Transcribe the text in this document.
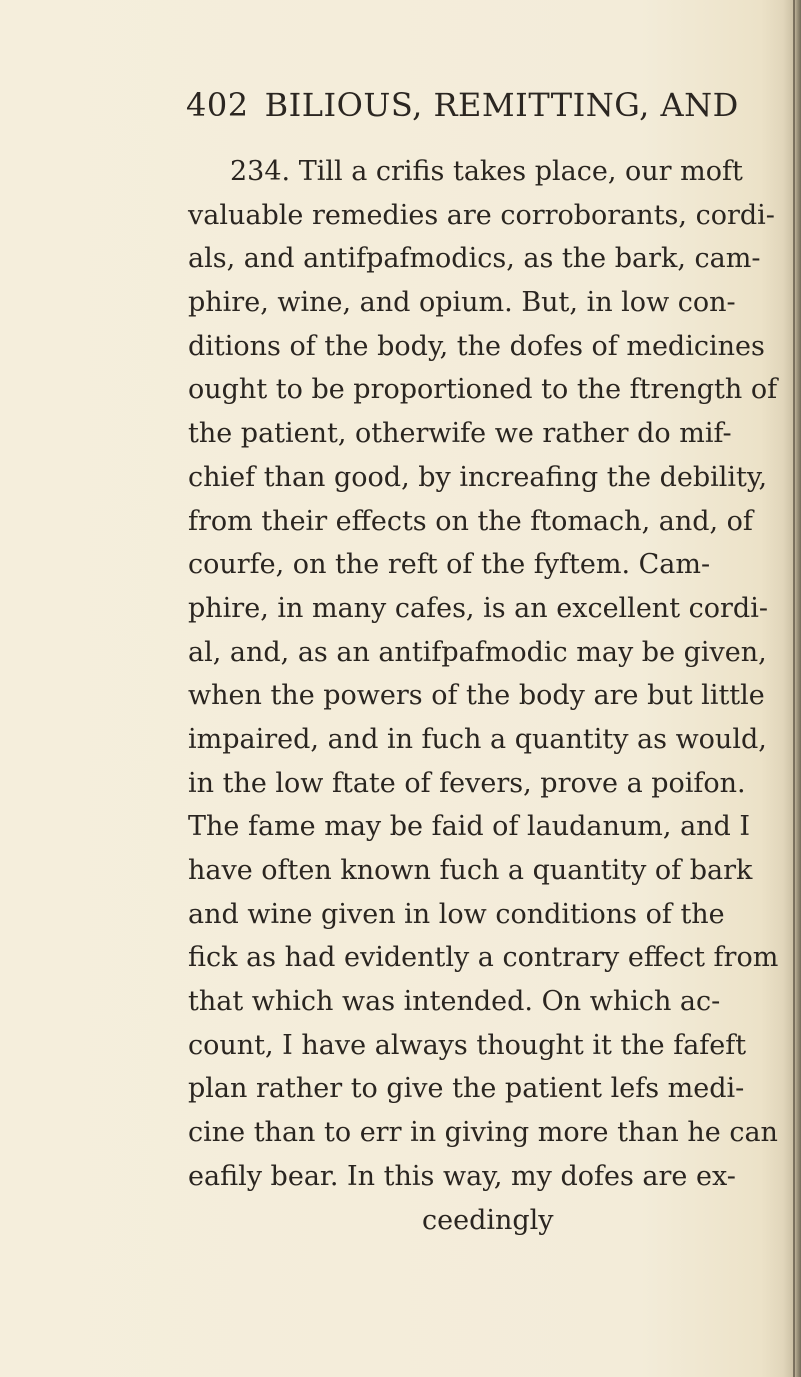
402 BILIOUS, REMITTING, AND
234. Till a crifis takes place, our moft
valuable remedies are corroborants, cordi-
als, and antifpafmodics, as the bark, cam-
phire, wine, and opium. But, in low con-
ditions of the body, the dofes of medicines
ought to be proportioned to the ftrength of
the patient, otherwife we rather do mif-
chief than good, by increafing the debility,
from their effects on the ftomach, and, of
courfe, on the reft of the fyftem. Cam-
phire, in many cafes, is an excellent cordi-
al, and, as an antifpafmodic may be given,
when the powers of the body are but little
impaired, and in fuch a quantity as would,
in the low ftate of fevers, prove a poifon.
The fame may be faid of laudanum, and I
have often known fuch a quantity of bark
and wine given in low conditions of the
fick as had evidently a contrary effect from
that which was intended. On which ac-
count, I have always thought it the fafeft
plan rather to give the patient lefs medi-
cine than to err in giving more than he can
eafily bear. In this way, my dofes are ex-
ceedingly
